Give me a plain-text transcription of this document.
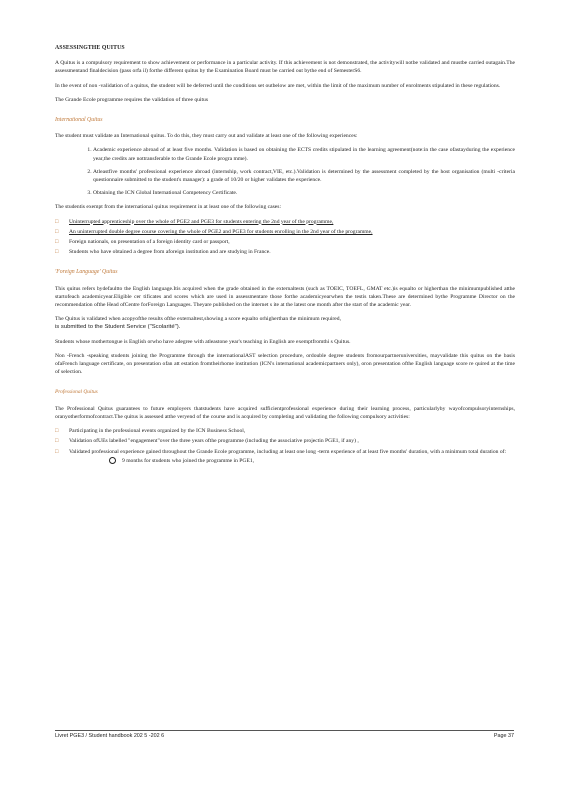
ASSESSINGTHE QUITUS

A Quitus is a compulsory requirement to show achievement or performance in a particular activity. If this achievement is not demonstrated, the activitywill notbe validated and mustbe carried outagain.The assessmentand finaldecision (pass orfa il) forthe different quitus by the Examination Board must be carried out bythe end of SemesterS6.

In the event of non -validation of a quitus, the student will be deferred until the conditions set outbelow are met, within the limit of the maximum number of enrolments stipulated in these regulations.

The Grande Ecole programme requires the validation of three quitus

International Quitus

The student must validate an International quitus. To do this, they must carry out and validate at least one of the following experiences:

1. Academic experience abroad of at least five months. Validation is based on obtaining the ECTS credits stipulated in the learning agreement(note:in the case ofastayduring the experience year,the credits are nottransferable to the Grande Ecole progra mme).
2. Atleastfive months' professional experience abroad (internship, work contract,VIE, etc.).Validation is determined by the assessment completed by the host organisation (multi -criteria questionnaire submitted to the student's manager): a grade of 10/20 or higher validates the experience.
3. Obtaining the ICN Global International Competency Certificate.

The studentis exempt from the international quitus requirement in at least one of the following cases:

□ Uninterrupted apprenticeship over the whole of PGE2 and PGE3 for students entering the 2nd year of the programme,
□ An uninterrupted double degree course covering the whole of PGE2 and PGE3 for students enrolling in the 2nd year of the programme,
□ Foreign nationals, on presentation of a foreign identity card or passport,
□ Students who have obtained a degree from aforeign institution and are studying in France.
'Foreign Language' Quitus

This quitus refers bydefaultto the English language.Itis acquired when the grade obtained in the externaltests (such as TOEIC, TOEFL, GMAT etc.)is equalto or higherthan the minimumpublished atthe startofeach academicyear.Eligible cer tificates and scores which are used in assessmentare those forthe academicyearwhen the testis taken.These are determined bythe Programme Director on the recommendation ofthe Head ofCentre forForeign Languages. Theyare published on the internet s ite at the latest one month after the start of the academic year.

The Quitus is validated when acopyofthe results ofthe externaltest,showing a score equalto orhigherthan the minimum required,
is submitted to the Student Service ("Scolarité").

Students whose mothertongue is English orwho have adegree with atleastone year's teaching in English are exemptfromthi s Quitus.

Non -French -speaking students joining the Programme through the internationalAST selection procedure, ordouble degree students fromourpartneruniversities, mayvalidate this quitus on the basis ofaFrench language certificate, on presentation ofan att estation fromtheirhome institution (ICN's international academicpartners only), oron presentation ofthe English language score re quired at the time of selection.

Professional Quitus

The Professional Quitus guarantees to future employers thatstudents have acquired sufficientprofessional experience during their learning process, particularlyby wayofcompulsoryinternships, oranyotherformofcontract.The quitus is assessed atthe veryend of the course and is acquired by completing and validating the following compulsory activities:

□ Participating in the professional events organized by the ICN Business School,
□ Validation ofUEs labelled "engagement"over the three years ofthe programme (including the associative projectin PGE1, if any) ,
□ Validated professional experience gained throughout the Grande Ecole programme, including at least one long -term experience of at least five months' duration, with a minimum total duration of:
9 months for students who joined the programme in PGE1,
Livret PGE3 / Student handbook 202 5 -202 6	Page 37
